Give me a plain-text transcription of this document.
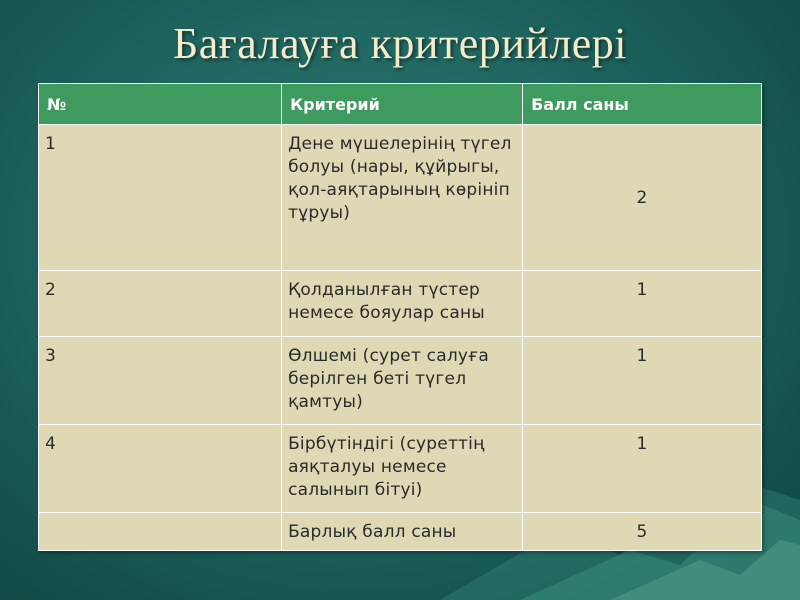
Бағалауға критерийлері
№	Критерий	Балл саны
1	Дене мүшелерінің түгел болуы (нары, құйрыгы, қол-аяқтарының көрініп тұруы)	2
2	Қолданылған түстер немесе бояулар саны	1
3	Өлшемі (сурет салуға берілген беті түгел қамтуы)	1
4	Бірбүтіндігі (суреттің аяқталуы немесе салынып бітуі)	1
	Барлық балл саны	5
